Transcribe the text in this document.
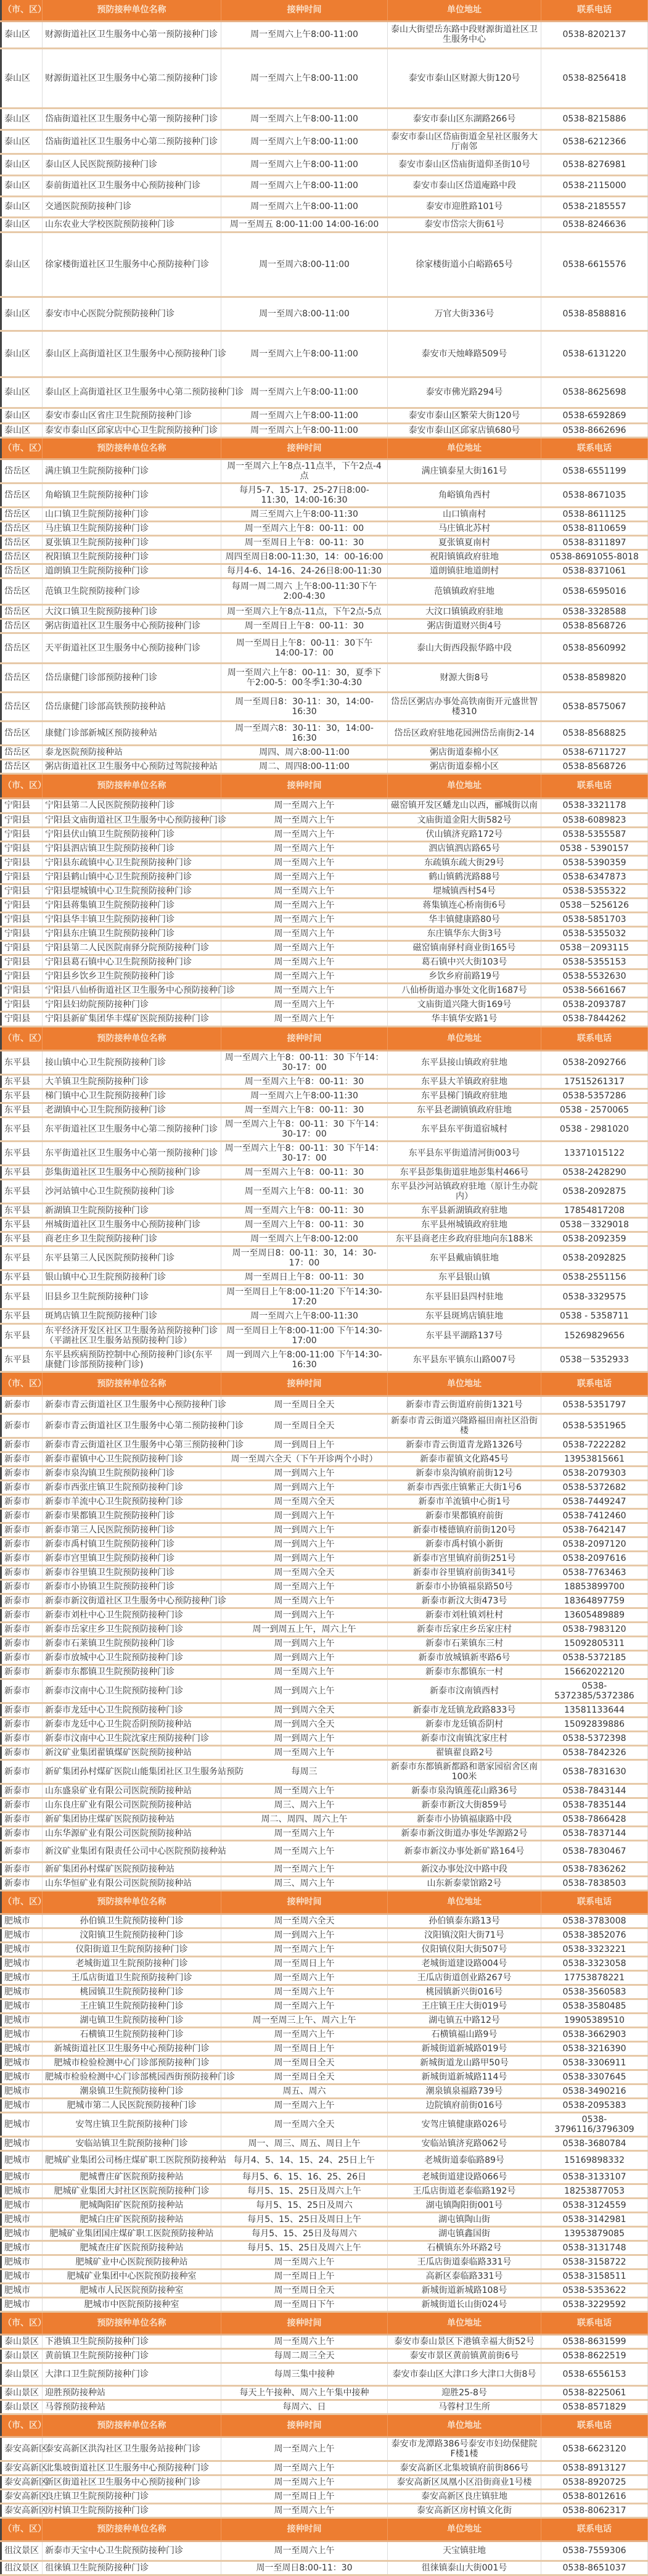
（市、区）	预防接种单位名称	接种时间	单位地址	联系电话
泰山区	财源街道社区卫生服务中心第一预防接种门诊	周一至周六上午8:00-11:00	泰山大街望岳东路中段财源街道社区卫生服务中心	0538-8202137
泰山区	财源街道社区卫生服务中心第二预防接种门诊	周一至周六上午8:00-11:00	泰安市泰山区财源大街120号	0538-8256418
泰山区	岱庙街道社区卫生服务中心第一预防接种门诊	周一至周六上午8:00-11:00	泰安市泰山区东湖路266号	0538-8215886
泰山区	岱庙街道社区卫生服务中心第二预防接种门诊	周一至周六上午8:00-11:00	泰安市泰山区岱庙街道金星社区服务大厅南邻	0538-6212366
泰山区	泰山区人民医院预防接种门诊	周一至周六上午8:00-11:00	泰安市泰山区岱庙街道仰圣街10号	0538-8276981
泰山区	泰前街道社区卫生服务中心预防接种门诊	周一至周六上午8:00-11:00	泰安市泰山区岱道庵路中段	0538-2115000
泰山区	交通医院预防接种门诊	周一至周六上午8:00-11:00	泰安市迎胜路101号	0538-2185557
泰山区	山东农业大学校医院预防接种门诊	周一至周五 8:00-11:00 14:00-16:00	泰安市岱宗大街61号	0538-8246636
泰山区	徐家楼街道社区卫生服务中心预防接种门诊	周一至周六8:00-11:00	徐家楼街道小白峪路65号	0538-6615576
泰山区	泰安市中心医院分院预防接种门诊	周一至周六8:00-11:00	万官大街336号	0538-8588816
泰山区	泰山区上高街道社区卫生服务中心预防接种门诊	周一至周六上午8:00-11:00	泰安市天烛峰路509号	0538-6131220
泰山区	泰山区上高街道社区卫生服务中心第二预防接种门诊	周一至周六上午8:00-11:00	泰安市佛光路294号	0538-8625698
泰山区	泰安市泰山区省庄卫生院预防接种门诊	周一至周六上午8:00-11:00	泰安市泰山区繁荣大街120号	0538-6592869
泰山区	泰安市泰山区邱家店中心卫生院预防接种门诊	周一至周六上午8:00-11:00	泰安市泰山区邱家店镇680号	0538-8662696
（市、区）	预防接种单位名称	接种时间	单位地址	联系电话
岱岳区	满庄镇卫生院预防接种门诊	周一至周六上午8点-11点半，下午2点-4点	满庄镇泰星大街161号	0538-6551199
岱岳区	角峪镇卫生院预防接种门诊	每月5-7、15-17、25-27日8:00-11:30，14:00-16:30	角峪镇角西村	0538-8671035
岱岳区	山口镇卫生院预防接种门诊	周三至周六上午8:00-11:30	山口镇南村	0538-8611125
岱岳区	马庄镇卫生院预防接种门诊	周一至周六上午8：00-11：00	马庄镇北苏村	0538-8110659
岱岳区	夏张镇卫生院预防接种门诊	周一至周日上午8：00-11：30	夏张镇夏南村	0538-8311897
岱岳区	祝阳镇卫生院预防接种门诊	周四至周日8:00-11:30，14：00-16:00	祝阳镇镇政府驻地	0538-8691055-8018
岱岳区	道朗镇卫生院预防接种门诊	每月4-6、14-16、24-26日8:00-11:30	道朗镇驻地道朗村	0538-8371061
岱岳区	范镇卫生院预防接种门诊	每周一周二周六 上午8:00-11:30下午2:00-4:30	范镇镇政府驻地	0538-6595016
岱岳区	大汶口镇卫生院预防接种门诊	周一至周六上午8点-11点，下午2点-5点	大汶口镇镇政府驻地	0538-3328588
岱岳区	粥店街道社区卫生服务中心预防接种门诊	周一至周日上午8：00-11：30	粥店街道财兴街4号	0538-8568726
岱岳区	天平街道社区卫生服务中心预防接种门诊	周一至周日上午8：00-11：30下午14:00-17：00	泰山大街西段振华路中段	0538-8560992
岱岳区	岱岳康健门诊部预防接种门诊	周一至周六上午8：00-11：30，夏季下午2:00-5：00冬季1:30-4:30	财源大街8号	0538-8589820
岱岳区	岱岳康健门诊部高铁预防接种站	周一至周日8：30-11：30，14:00-16:30	岱岳区粥店办事处高铁南街开元盛世智楼310	0538-8575067
岱岳区	康健门诊部新城区预防接种站	周一至周六8：30-11：30，14:00-16:30	岱岳区政府驻地花园洲岱岳南街2-14	0538-8568825
岱岳区	泰龙医院预防接种站	周四、周六8:00-11:00	粥店街道泰棉小区	0538-6711727
岱岳区	粥店街道社区卫生服务中心预防过驾院接种站	周二、周四8:00-11:00	粥店街道泰棉小区	0538-8568726
（市、区）	预防接种单位名称	接种时间	单位地址	联系电话
宁阳县	宁阳县第二人民医院预防接种门诊	周一至周六上午	磁窑镇开发区蟠龙山以西，郦城街以南	0538-3321178
宁阳县	宁阳县文庙街道社区卫生服务中心预防接种门诊	周一至周六上午	文庙街道金阳大街582号	0538-6089823
宁阳县	宁阳县伏山镇卫生院预防接种门诊	周一至周六上午	伏山镇济兖路172号	0538-5355587
宁阳县	宁阳县泗店镇卫生院预防接种门诊	周一至周六上午	泗店镇泗店路65号	0538 - 5390157
宁阳县	宁阳县东疏镇中心卫生院预防接种门诊	周一至周六上午	东疏镇东疏大街29号	0538-5390359
宁阳县	宁阳县鹤山镇中心卫生院预防接种门诊	周一至周六上午	鹤山镇鹤洸路88号	0538-6347873
宁阳县	宁阳县堽城镇中心卫生院预防接种门诊	周一至周六上午	堽城镇西村54号	0538-5355322
宁阳县	宁阳县蒋集镇卫生院预防接种门诊	周一至周六上午	蒋集镇连心桥南街6号	0538－5256126
宁阳县	宁阳县华丰镇卫生院预防接种门诊	周一至周六上午	华丰镇健康路80号	0538-5851703
宁阳县	宁阳县东庄镇卫生院预防接种门诊	周一至周六上午	东庄镇华东大街3号	0538-5355032
宁阳县	宁阳县第二人民医院南驿分院预防接种门诊	周一至周六上午	磁窑镇南驿村商业街165号	0538－2093115
宁阳县	宁阳县葛石镇中心卫生院预防接种门诊	周一至周六上午	葛石镇中兴大街103号	0538-5355153
宁阳县	宁阳县乡饮乡卫生院预防接种门诊	周一至周六上午	乡饮乡府前路19号	0538-5532630
宁阳县	宁阳县八仙桥街道社区卫生服务中心预防接种门诊	周一至周六上午	八仙桥街道办事处文化街1687号	0538-5661667
宁阳县	宁阳县妇幼院预防接种门诊	周一至周六上午	文庙街道兴隆大街169号	0538-2093787
宁阳县	宁阳县新矿集团华丰煤矿医院预防接种门诊	周一至周六上午	华丰镇华安路1号	0538-7844262
（市、区）	预防接种单位名称	接种时间	单位地址	联系电话
东平县	接山镇中心卫生院预防接种门诊	周一至周六上午8：00-11：30 下午14：30-17：00	东平县接山镇政府驻地	0538-2092766
东平县	大羊镇卫生院预防接种门诊	周一至周六上午8：00-11：30	东平县大羊镇政府驻地	17515261317
东平县	梯门镇中心卫生院预防接种门诊	周一至周六上午8:00-11:30	东平县梯门镇政府驻地	0538-5357286
东平县	老湖镇中心卫生院预防接种门诊	周一至周六上午8：00-11：30	东平县老湖镇镇政府驻地	0538 - 2570065
东平县	东平街道社区卫生服务中心第二预防接种门诊	周一至周六上午8：00-11：30 下午14：30-17：00	东平县东平街道宿城村	0538 - 2981020
东平县	东平街道社区卫生服务中心第一预防接种门诊	周一至周六上午8：00-11：30 下午14：30-17：00	东平县东平街道清河街003号	13371015122
东平县	彭集街道社区卫生服务中心预防接种门诊	周一至周六上午8：00-11：30	东平县彭集街道驻地彭集村466号	0538-2428290
东平县	沙河站镇中心卫生院预防接种门诊	周一至周六上午8：00-11：30	东平县沙河站镇政府驻地（原计生办院内）	0538-2092875
东平县	新湖镇卫生院预防接种门诊	周一至周六上午8：00-11：30	东平县新湖镇政府驻地	17854817208
东平县	州城街道社区卫生服务中心预防接种门诊	周一至周六上午8：00-11：30	东平县州城镇政府驻地	0538－3329018
东平县	商老庄乡卫生院预防接种门诊	周一至周六上午8:00-12:00	东平县商老庄乡政府驻地向东188米	0538-2092359
东平县	东平县第三人民医院预防接种门诊	周一至周日8：00-11：30，14：30-17：00	东平县戴庙镇驻地	0538-2092825
东平县	银山镇中心卫生院预防接种门诊	周一至周日上午8：00-11：30	东平县银山镇	0538-2551156
东平县	旧县乡卫生院预防接种门诊	周一至周日上午8:00-11:20 下午14:30-17:20	东平县旧县四村驻地	0538-3329575
东平县	斑鸠店镇卫生院预防接种门诊	周一至周六上午8:00-11:30	东平县斑鸠店镇驻地	0538 - 5358711
东平县	东平经济开发区社区卫生服务站预防接种门诊（平湖社区卫生服务站预防接种门诊）	周一至周日上午8:00-11:00 下午14:30-17:00	东平县平湖路137号	15269829656
东平县	东平县疾病预防控制中心预防接种门诊(东平康健门诊部预防接种门诊)	周一到周六上午8:00-11:00 下午14:30-16:30	东平县东平镇东山路007号	0538－5352933
（市、区）	预防接种单位名称	接种时间	单位地址	联系电话
新泰市	新泰市青云街道社区卫生服务中心预防接种门诊	周一至周日全天	新泰市青云街道府前街1321号	0538-5351797
新泰市	新泰市青云街道社区卫生服务中心第二预防接种门诊	周一至周日全天	新泰市青云街道兴隆路福田南社区沿街楼	0538-5351965
新泰市	新泰市青云街道社区卫生服务中心第三预防接种门诊	周一到周日上午	新泰市青云街道青龙路1326号	0538-7222282
新泰市	新泰市翟镇中心卫生院预防接种门诊	周一至周六全天（下午开诊两个小时）	新泰市翟镇文化路45号	13953815661
新泰市	新泰市泉沟镇卫生院预防接种门诊	周一到周六上午	新泰市泉沟镇府前街12号	0538-2079303
新泰市	新泰市西张庄镇卫生院预防接种门诊	周一到周六上午	新泰市西张庄镇紫正大街1号6	0538-5372682
新泰市	新泰市羊流中心卫生院预防接种门诊	周一至周六全天	新泰市羊流镇中心街1号	0538-7449247
新泰市	新泰市果都镇卫生院预防接种门诊	周一到周六上午	新泰市果都镇府前街	0538-7412460
新泰市	新泰市第三人民医院预防接种门诊	周一到周六上午	新泰市楼德镇府前街120号	0538-7642147
新泰市	新泰市禹村镇卫生院预防接种门诊	周一到周六上午	新泰市禹村镇小新街	0538-2097120
新泰市	新泰市宫里镇卫生院预防接种门诊	周一到周六上午	新泰市宫里镇府前街251号	0538-2097616
新泰市	新泰市谷里镇卫生院预防接种门诊	周一至周六全天	新泰市谷里镇府前街341号	0538-7763463
新泰市	新泰市小协镇卫生院预防接种门诊	周一至周六上午	新泰市小协镇福泉路50号	18853899700
新泰市	新泰市新汶街道社区卫生服务中心预防接种门诊	周一至周六上午	新泰市新汶大街473号	18364897759
新泰市	新泰市刘杜中心卫生院预防接种门诊	周一到周六上午	新泰市刘杜镇刘杜村	13605489889
新泰市	新泰市岳家庄乡卫生院预防接种门诊	周一到周五上午，周六上午	新泰市岳家庄乡岳家庄村	0538-7983120
新泰市	新泰市石莱镇卫生院预防接种门诊	周一到周六上午	新泰市石莱镇东三村	15092805311
新泰市	新泰市放城中心卫生院预防接种门诊	周一到周六上午	新泰市放城镇新枣路6号	0538-5372185
新泰市	新泰市东都镇卫生院预防接种门诊	周一至周六上午	新泰市东都镇东一村	15662022120
新泰市	新泰市汶南中心卫生院预防接种门诊	周一到周六上午	新泰市汶南镇西村	0538-5372385/5372386
新泰市	新泰市龙廷中心卫生院预防接种门诊	周一到周六全天	新泰市龙廷镇龙政路833号	13581133644
新泰市	新泰市龙廷中心卫生院岙阴预防接种站	周一到周六全天	新泰市龙廷镇岙阴村	15092839886
新泰市	新泰市汶南中心卫生院沈家庄预防接种门诊	周一到周六上午	新泰市汶南镇沈家庄村	0538-5372398
新泰市	新汶矿业集团翟镇煤矿医院预防接种站	周一至周六上午	翟镇翟良路2号	0538-7842326
新泰市	新矿集团孙村煤矿医院山能集团社区卫生服务站预防	每周三	新泰市东都镇新都路和谐家园宿舍区南100米	0538-7831630
新泰市	山东盛泉矿业有限公司医院预防接种站	周一至周六上午	新泰市泉沟镇莲花山路36号	0538-7843144
新泰市	山东良庄矿业有限公司医院预防接种站	周三、周六上午	新泰市新汶大街859号	0538-7835144
新泰市	新矿集团协庄煤矿医院预防接种站	周二、周四、周六上午	新泰市小协镇福康路中段	0538-7866428
新泰市	山东华源矿业有限公司医院预防接种站	周一至周六上午	新泰市新汶街道办事处华源路2号	0538-7837144
新泰市	新汶矿业集团有限责任公司中心医院预防接种站	周一至周六上午	新泰市新汶办事处新矿路164号	0538-7830467
新泰市	新矿集团孙村煤矿医院预防接种站	周一至周六上午	新汶办事处汶中路中段	0538-7836262
新泰市	山东华恒矿业有限公司医院预防接种站	周三、周六上午	山东新泰蒙馆路2号	0538-7838503
（市、区）	预防接种单位名称	接种时间	单位地址	联系电话
肥城市	孙伯镇卫生院预防接种门诊	周一至周六全天	孙伯镇泰东路13号	0538-3783008
肥城市	汶阳镇卫生院预防接种门诊	周一到周六上午	汶阳镇汶阳大街71号	0538-3852076
肥城市	仪阳街道卫生院预防接种门诊	周一至周六上午	仪阳镇仪阳大街507号	0538-3323221
肥城市	老城街道卫生院预防接种门诊	周一至周日上午	老城街道建设路004号	0538-3323058
肥城市	王瓜店街道卫生院预防接种门诊	周一至周六上午	王瓜店街道创业路267号	17753878221
肥城市	桃园镇卫生院预防接种门诊	周一至周六上午	桃园镇新兴街016号	0538-3560583
肥城市	王庄镇卫生院预防接种门诊	周一至周六上午	王庄镇王庄大街019号	0538-3580485
肥城市	湖屯镇卫生院预防接种门诊	周一至周三上午、周六上午	湖屯镇五中路12号	19905389510
肥城市	石横镇卫生院预防接种门诊	周一至周六上午	石横镇福山路9号	0538-3662903
肥城市	新城街道社区卫生服务中心预防接种门诊	周一至周日上午	新城街道新城路019号	0538-3216390
肥城市	肥城市检验检测中心门诊部预防接种门诊	周一至周日全天	新城街道龙山路甲50号	0538-3306911
肥城市	肥城市检验检测中心门诊部桃园西街预防接种门诊	周一至周日全天	新城街道新城路114号	0538-3307645
肥城市	潮泉镇卫生院预防接种门诊	周五、周六	潮泉镇泉福路739号	0538-3490216
肥城市	肥城市第二人民医院预防接种门诊	周一至周六上午	边院镇府前街016号	0538-2095383
肥城市	安驾庄镇卫生院预防接种门诊	周一至周六全天	安驾庄镇健康路026号	0538-3796116/3796309
肥城市	安临站镇卫生院预防接种门诊	周一、周三、周五、周日上午	安临站镇济兖路062号	0538-3680784
肥城市	肥城矿业集团公司杨庄煤矿职工医院预防接种站	每月4、5、14、15、24、25日上午	老城街道泰临路89号	15169898332
肥城市	肥城曹庄矿医院预防接种站	每月5、6、15、16、25、26日	老城街道建设路066号	0538-3133107
肥城市	肥城矿业集团大封社区医院预防接种门诊	每月5、15、25日及周六上午	王瓜店街道老泰临路192号	18253877053
肥城市	肥城陶阳矿医院预防接种站	每月5、15、25日及周六	湖屯镇陶阳街001号	0538-3124559
肥城市	肥城白庄矿医院预防接种站	每月5、15、25日及周日上午	湖屯镇陶山街	0538-3142981
肥城市	肥城矿业集团国庄煤矿职工医院预防接种站	每月5、15、25日及每周六	湖屯镇鑫国街	13953879085
肥城市	肥城查庄矿医院预防接种站	每月5、15、25日及周六上午	石横镇东外环路2号	0538-3131748
肥城市	肥城矿业中心医院预防接种站	周一至周六上午	王瓜店街道泰临路331号	0538-3158722
肥城市	肥城矿业集团中心医院预防接种室	周一至周日上午	高新区泰临路331号	0538-3158511
肥城市	肥城市人民医院预防接种室	周一至周日全天	新城街道新城路108号	0538-5353622
肥城市	肥城市中医院预防接种室	周一至周日下午	新城街道长山街024号	0538-3229592
（市、区）	预防接种单位名称	接种时间	单位地址	联系电话
泰山景区	下港镇卫生院预防接种门诊	周一至周六上午	泰安市泰山景区下港镇幸福大街52号	0538-8631599
泰山景区	黄前镇卫生院预防接种门诊	每周二周三全天	泰安市景区黄前镇黄前街6号	0538-8622519
泰山景区	大津口卫生院预防接种门诊	每周三集中接种	泰安市泰山区大津口乡大津口大街8号	0538-6556153
泰山景区	迎胜预防接种站	每天上午接种、周六上午集中接种	迎胜25-8号	0538-8225061
泰山景区	马蓉预防接种站	每周六、日	马蓉村卫生所	0538-8571829
（市、区）	预防接种单位名称	接种时间	单位地址	联系电话
泰安高新区	泰安高新区洪沟社区卫生服务站接种门诊	周一至周六上午	泰安市龙潭路386号泰安市妇幼保健院F楼1楼	0538-6623120
泰安高新区	北集坡街道社区卫生服务中心预防接种门诊	周一至周六上午	泰安高新区北集坡镇府前街866号	0538-8913127
泰安高新区	新区街道社区卫生服务中心预防接种门诊	周一至周六上午	泰安高新区凤凰小区沿街商业1号楼	0538-8920725
泰安高新区	良庄镇卫生院预防接种门诊	周一至周日上午	泰安高新区良庄镇驻地	0538-8012616
泰安高新区	房村镇卫生院预防接种门诊	周一至周六上午	泰安高新区房村镇文化街	0538-8062317
（市、区）	预防接种单位名称	接种时间	单位地址	联系电话
徂汶景区	新泰市天宝中心卫生院预防接种门诊	周一至周六上午	天宝镇驻地	0538-7559306
徂汶景区	徂徕镇卫生院预防接种门诊	周一至周日8:00-11：30	徂徕镇泰山大街001号	0538-8651037
